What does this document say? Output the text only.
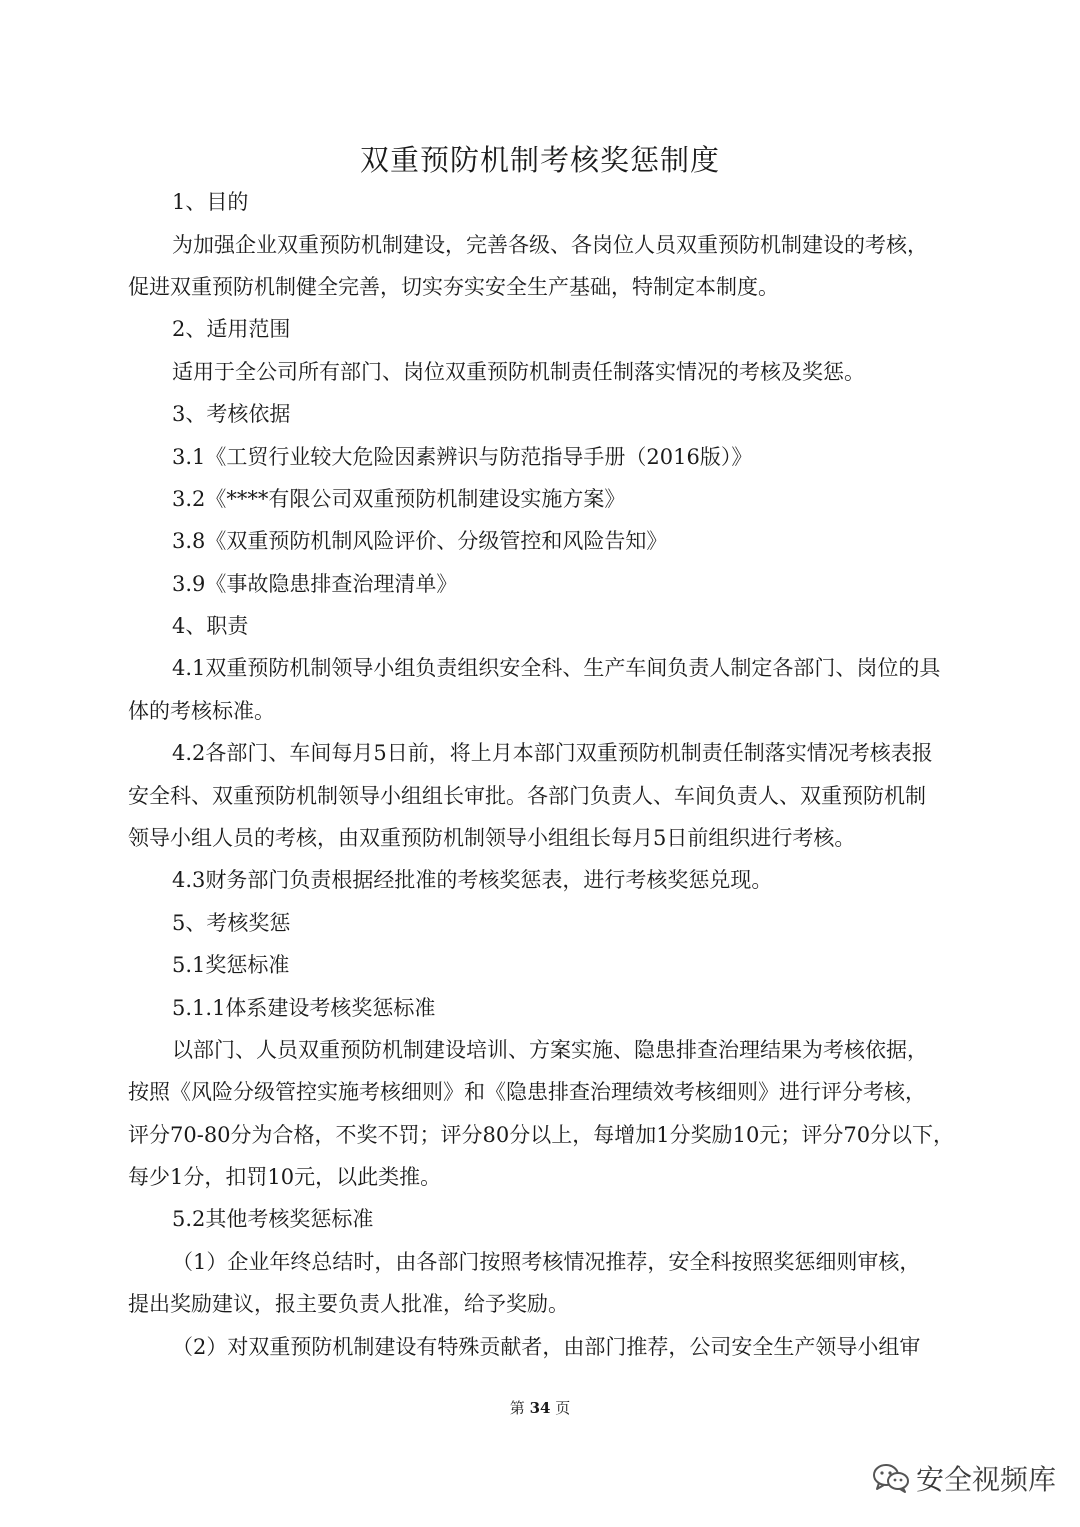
双重预防机制考核奖惩制度
1、目的
为加强企业双重预防机制建设，完善各级、各岗位人员双重预防机制建设的考核，
促进双重预防机制健全完善，切实夯实安全生产基础，特制定本制度。
2、适用范围
适用于全公司所有部门、岗位双重预防机制责任制落实情况的考核及奖惩。
3、考核依据
3.1《工贸行业较大危险因素辨识与防范指导手册（2016版）》
3.2《****有限公司双重预防机制建设实施方案》
3.8《双重预防机制风险评价、分级管控和风险告知》
3.9《事故隐患排查治理清单》
4、职责
4.1双重预防机制领导小组负责组织安全科、生产车间负责人制定各部门、岗位的具
体的考核标准。
4.2各部门、车间每月5日前，将上月本部门双重预防机制责任制落实情况考核表报
安全科、双重预防机制领导小组组长审批。各部门负责人、车间负责人、双重预防机制
领导小组人员的考核，由双重预防机制领导小组组长每月5日前组织进行考核。
4.3财务部门负责根据经批准的考核奖惩表，进行考核奖惩兑现。
5、考核奖惩
5.1奖惩标准
5.1.1体系建设考核奖惩标准
以部门、人员双重预防机制建设培训、方案实施、隐患排查治理结果为考核依据，
按照《风险分级管控实施考核细则》和《隐患排查治理绩效考核细则》进行评分考核，
评分70-80分为合格，不奖不罚；评分80分以上，每增加1分奖励10元；评分70分以下，
每少1分，扣罚10元，以此类推。
5.2其他考核奖惩标准
（1）企业年终总结时，由各部门按照考核情况推荐，安全科按照奖惩细则审核，
提出奖励建议，报主要负责人批准，给予奖励。
（2）对双重预防机制建设有特殊贡献者，由部门推荐，公司安全生产领导小组审
第 34 页
安全视频库
